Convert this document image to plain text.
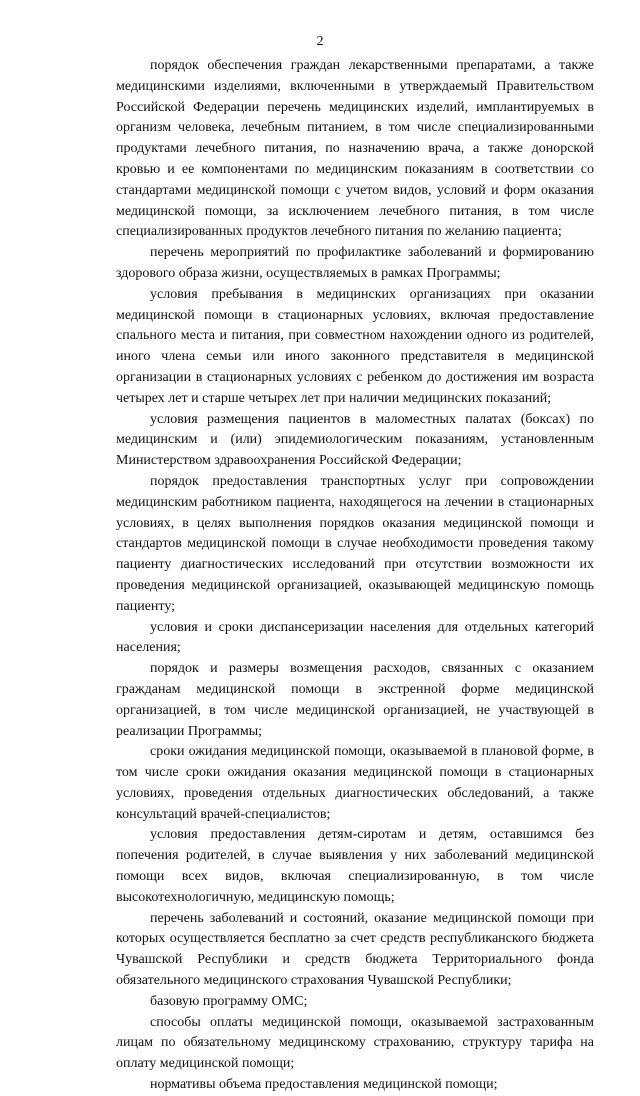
2

порядок обеспечения граждан лекарственными препаратами, а также медицинскими изделиями, включенными в утверждаемый Правительством Российской Федерации перечень медицинских изделий, имплантируемых в организм человека, лечебным питанием, в том числе специализированными продуктами лечебного питания, по назначению врача, а также донорской кровью и ее компонентами по медицинским показаниям в соответствии со стандартами медицинской помощи с учетом видов, условий и форм оказания медицинской помощи, за исключением лечебного питания, в том числе специализированных продуктов лечебного питания по желанию пациента;

перечень мероприятий по профилактике заболеваний и формированию здорового образа жизни, осуществляемых в рамках Программы;

условия пребывания в медицинских организациях при оказании медицинской помощи в стационарных условиях, включая предоставление спального места и питания, при совместном нахождении одного из родителей, иного члена семьи или иного законного представителя в медицинской организации в стационарных условиях с ребенком до достижения им возраста четырех лет и старше четырех лет при наличии медицинских показаний;

условия размещения пациентов в маломестных палатах (боксах) по медицинским и (или) эпидемиологическим показаниям, установленным Министерством здравоохранения Российской Федерации;

порядок предоставления транспортных услуг при сопровождении медицинским работником пациента, находящегося на лечении в стационарных условиях, в целях выполнения порядков оказания медицинской помощи и стандартов медицинской помощи в случае необходимости проведения такому пациенту диагностических исследований при отсутствии возможности их проведения медицинской организацией, оказывающей медицинскую помощь пациенту;

условия и сроки диспансеризации населения для отдельных категорий населения;

порядок и размеры возмещения расходов, связанных с оказанием гражданам медицинской помощи в экстренной форме медицинской организацией, в том числе медицинской организацией, не участвующей в реализации Программы;

сроки ожидания медицинской помощи, оказываемой в плановой форме, в том числе сроки ожидания оказания медицинской помощи в стационарных условиях, проведения отдельных диагностических обследований, а также консультаций врачей-специалистов;

условия предоставления детям-сиротам и детям, оставшимся без попечения родителей, в случае выявления у них заболеваний медицинской помощи всех видов, включая специализированную, в том числе высокотехнологичную, медицинскую помощь;

перечень заболеваний и состояний, оказание медицинской помощи при которых осуществляется бесплатно за счет средств республиканского бюджета Чувашской Республики и средств бюджета Территориального фонда обязательного медицинского страхования Чувашской Республики;

базовую программу ОМС;

способы оплаты медицинской помощи, оказываемой застрахованным лицам по обязательному медицинскому страхованию, структуру тарифа на оплату медицинской помощи;

нормативы объема предоставления медицинской помощи;
